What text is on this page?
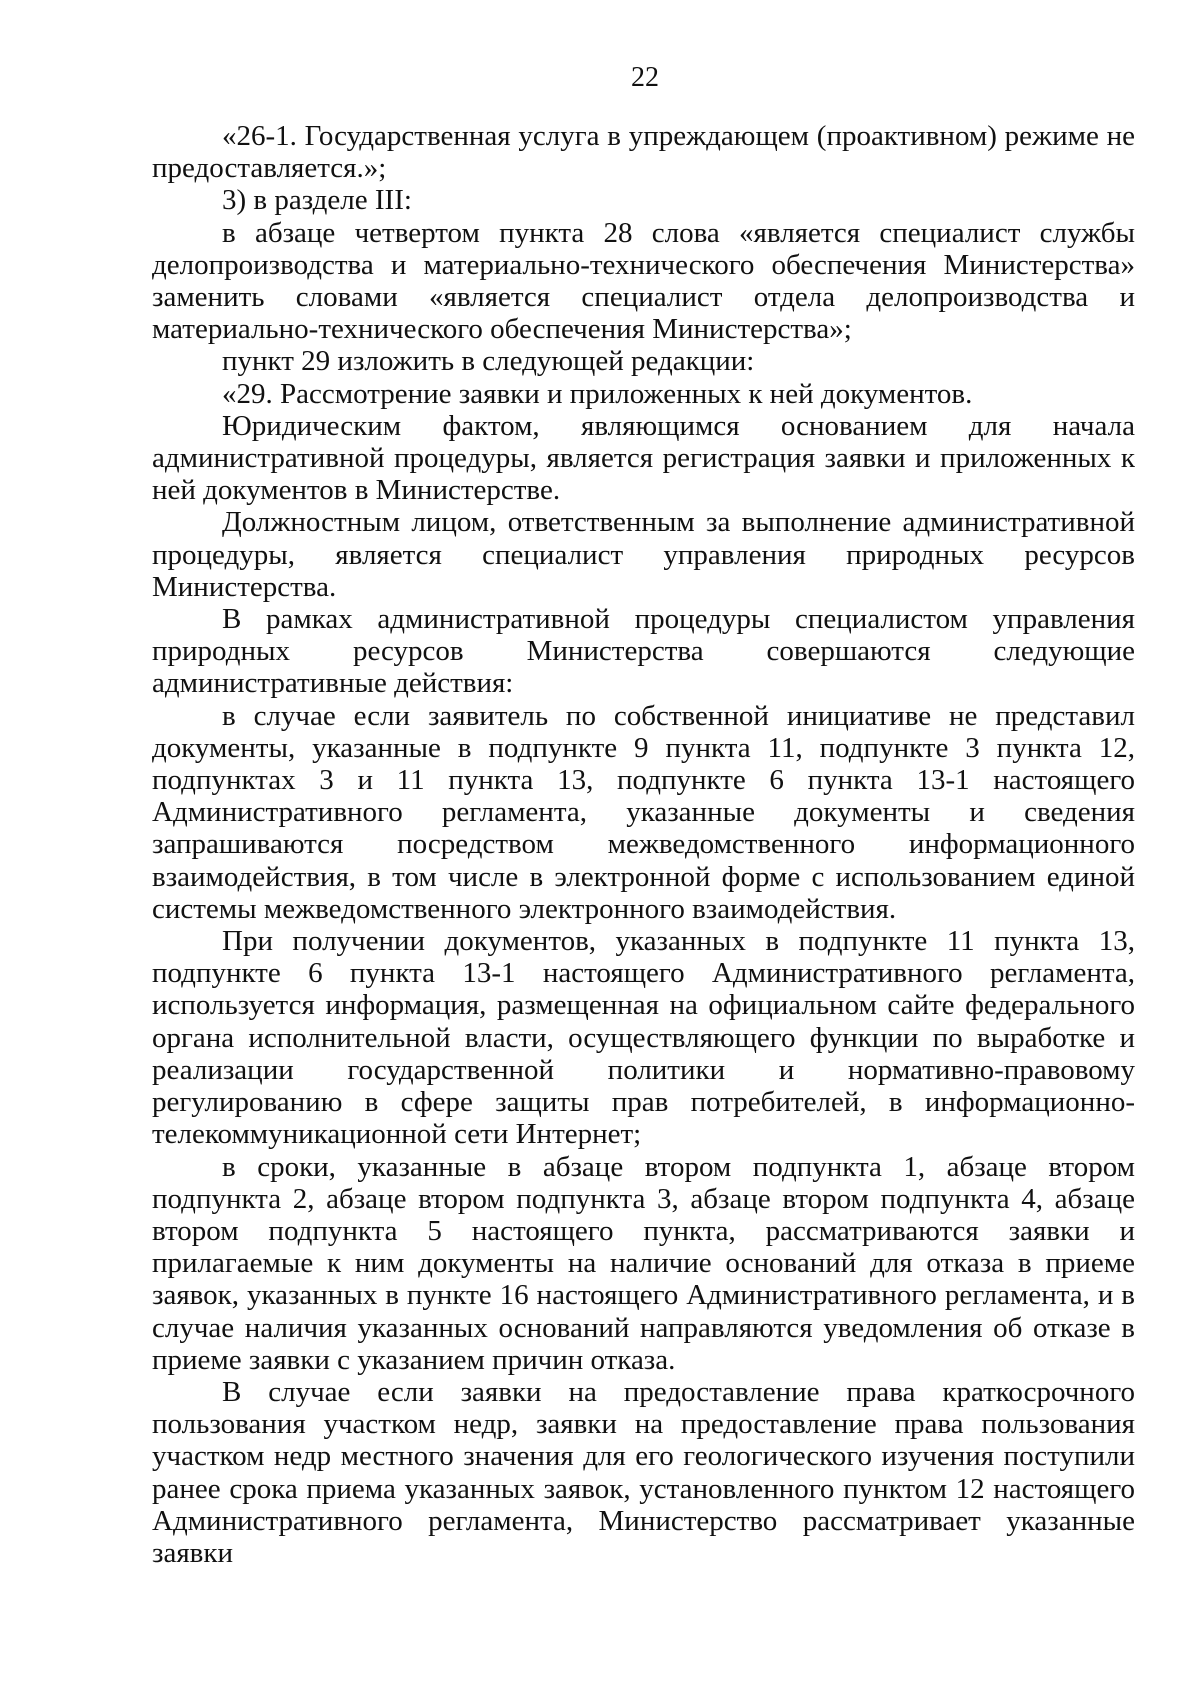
22

«26-1. Государственная услуга в упреждающем (проактивном) режиме не предоставляется.»;

3) в разделе III:

в абзаце четвертом пункта 28 слова «является специалист службы делопроизводства и материально-технического обеспечения Министерства» заменить словами «является специалист отдела делопроизводства и материально-технического обеспечения Министерства»;

пункт 29 изложить в следующей редакции:

«29. Рассмотрение заявки и приложенных к ней документов.

Юридическим фактом, являющимся основанием для начала административной процедуры, является регистрация заявки и приложенных к ней документов в Министерстве.

Должностным лицом, ответственным за выполнение административной процедуры, является специалист управления природных ресурсов Министерства.

В рамках административной процедуры специалистом управления природных ресурсов Министерства совершаются следующие административные действия:

в случае если заявитель по собственной инициативе не представил документы, указанные в подпункте 9 пункта 11, подпункте 3 пункта 12, подпунктах 3 и 11 пункта 13, подпункте 6 пункта 13-1 настоящего Административного регламента, указанные документы и сведения запрашиваются посредством межведомственного информационного взаимодействия, в том числе в электронной форме с использованием единой системы межведомственного электронного взаимодействия.

При получении документов, указанных в подпункте 11 пункта 13, подпункте 6 пункта 13-1 настоящего Административного регламента, используется информация, размещенная на официальном сайте федерального органа исполнительной власти, осуществляющего функции по выработке и реализации государственной политики и нормативно-правовому регулированию в сфере защиты прав потребителей, в информационно-телекоммуникационной сети Интернет;

в сроки, указанные в абзаце втором подпункта 1, абзаце втором подпункта 2, абзаце втором подпункта 3, абзаце втором подпункта 4, абзаце втором подпункта 5 настоящего пункта, рассматриваются заявки и прилагаемые к ним документы на наличие оснований для отказа в приеме заявок, указанных в пункте 16 настоящего Административного регламента, и в случае наличия указанных оснований направляются уведомления об отказе в приеме заявки с указанием причин отказа.

В случае если заявки на предоставление права краткосрочного пользования участком недр, заявки на предоставление права пользования участком недр местного значения для его геологического изучения поступили ранее срока приема указанных заявок, установленного пунктом 12 настоящего Административного регламента, Министерство рассматривает указанные заявки
